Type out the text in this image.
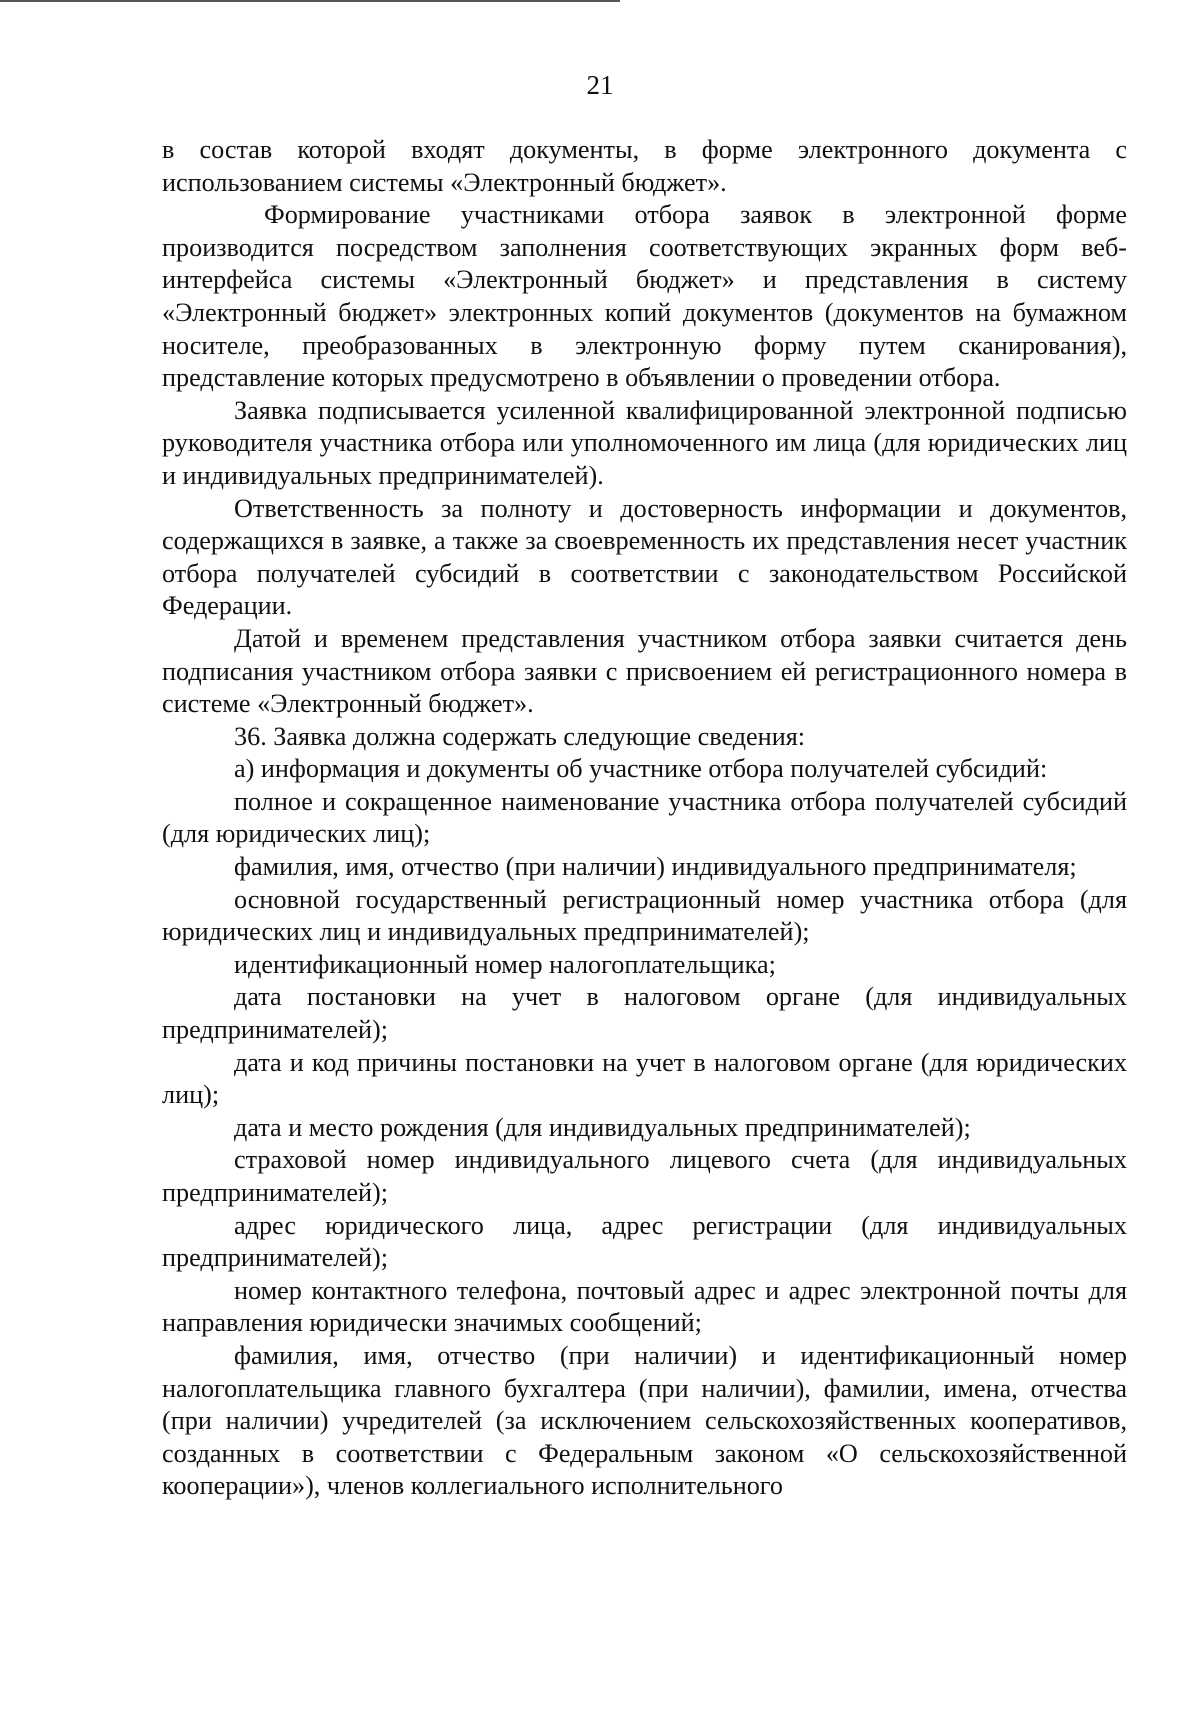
21

в состав которой входят документы, в форме электронного документа с использованием системы «Электронный бюджет».

Формирование участниками отбора заявок в электронной форме производится посредством заполнения соответствующих экранных форм веб-интерфейса системы «Электронный бюджет» и представления в систему «Электронный бюджет» электронных копий документов (документов на бумажном носителе, преобразованных в электронную форму путем сканирования), представление которых предусмотрено в объявлении о проведении отбора.

Заявка подписывается усиленной квалифицированной электронной подписью руководителя участника отбора или уполномоченного им лица (для юридических лиц и индивидуальных предпринимателей).

Ответственность за полноту и достоверность информации и документов, содержащихся в заявке, а также за своевременность их представления несет участник отбора получателей субсидий в соответствии с законодательством Российской Федерации.

Датой и временем представления участником отбора заявки считается день подписания участником отбора заявки с присвоением ей регистрационного номера в системе «Электронный бюджет».

36. Заявка должна содержать следующие сведения:

а) информация и документы об участнике отбора получателей субсидий:

полное и сокращенное наименование участника отбора получателей субсидий (для юридических лиц);

фамилия, имя, отчество (при наличии) индивидуального предпринимателя;

основной государственный регистрационный номер участника отбора (для юридических лиц и индивидуальных предпринимателей);

идентификационный номер налогоплательщика;

дата постановки на учет в налоговом органе (для индивидуальных предпринимателей);

дата и код причины постановки на учет в налоговом органе (для юридических лиц);

дата и место рождения (для индивидуальных предпринимателей);

страховой номер индивидуального лицевого счета (для индивидуальных предпринимателей);

адрес юридического лица, адрес регистрации (для индивидуальных предпринимателей);

номер контактного телефона, почтовый адрес и адрес электронной почты для направления юридически значимых сообщений;

фамилия, имя, отчество (при наличии) и идентификационный номер налогоплательщика главного бухгалтера (при наличии), фамилии, имена, отчества (при наличии) учредителей (за исключением сельскохозяйственных кооперативов, созданных в соответствии с Федеральным законом «О сельскохозяйственной кооперации»), членов коллегиального исполнительного
